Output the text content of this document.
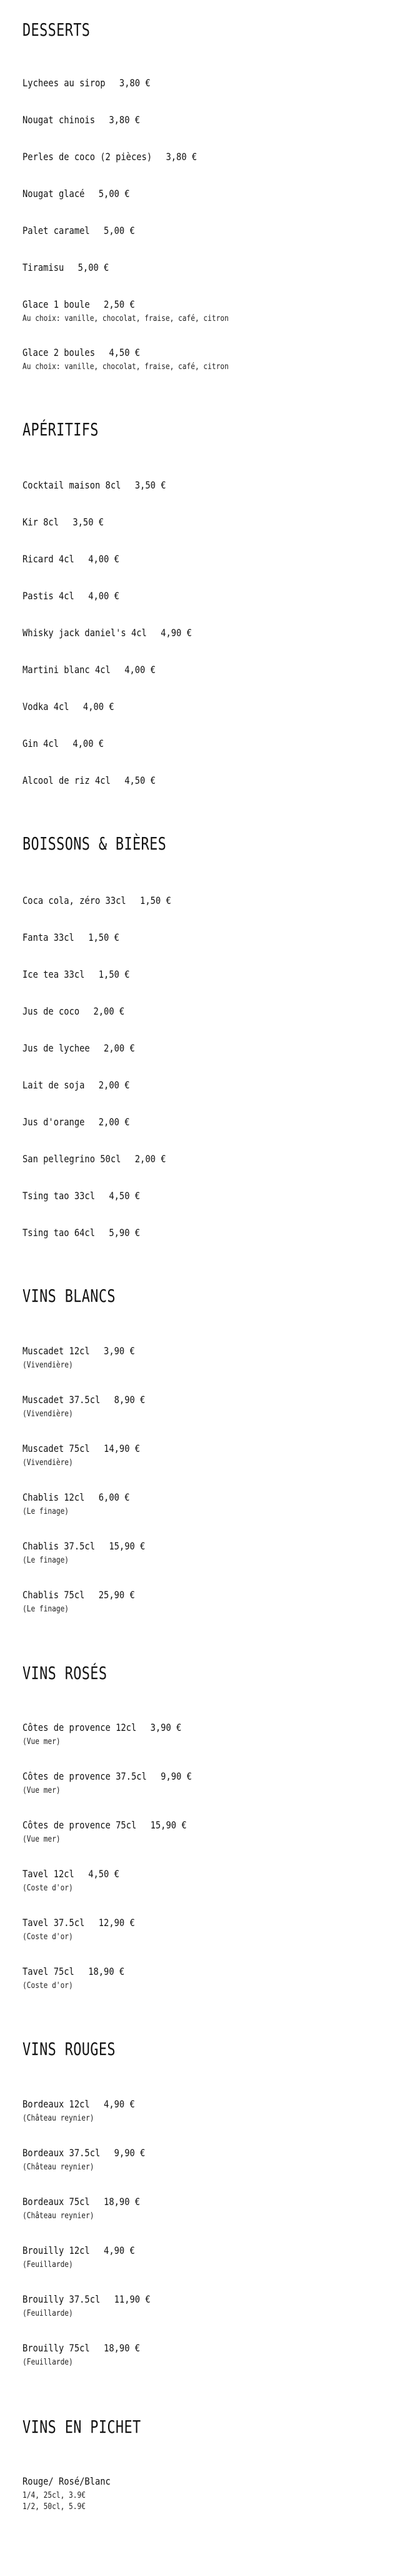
DESSERTS
Lychees au sirop 3,80 €
Nougat chinois 3,80 €
Perles de coco (2 pièces) 3,80 €
Nougat glacé 5,00 €
Palet caramel 5,00 €
Tiramisu 5,00 €
Glace 1 boule 2,50 €
Au choix: vanille, chocolat, fraise, café, citron
Glace 2 boules 4,50 €
Au choix: vanille, chocolat, fraise, café, citron
APÉRITIFS
Cocktail maison 8cl 3,50 €
Kir 8cl 3,50 €
Ricard 4cl 4,00 €
Pastis 4cl 4,00 €
Whisky jack daniel's 4cl 4,90 €
Martini blanc 4cl 4,00 €
Vodka 4cl 4,00 €
Gin 4cl 4,00 €
Alcool de riz 4cl 4,50 €
BOISSONS & BIÈRES
Coca cola, zéro 33cl 1,50 €
Fanta 33cl 1,50 €
Ice tea 33cl 1,50 €
Jus de coco 2,00 €
Jus de lychee 2,00 €
Lait de soja 2,00 €
Jus d'orange 2,00 €
San pellegrino 50cl 2,00 €
Tsing tao 33cl 4,50 €
Tsing tao 64cl 5,90 €
VINS BLANCS
Muscadet 12cl 3,90 €
(Vivendière)
Muscadet 37.5cl 8,90 €
(Vivendière)
Muscadet 75cl 14,90 €
(Vivendière)
Chablis 12cl 6,00 €
(Le finage)
Chablis 37.5cl 15,90 €
(Le finage)
Chablis 75cl 25,90 €
(Le finage)
VINS ROSÉS
Côtes de provence 12cl 3,90 €
(Vue mer)
Côtes de provence 37.5cl 9,90 €
(Vue mer)
Côtes de provence 75cl 15,90 €
(Vue mer)
Tavel 12cl 4,50 €
(Coste d'or)
Tavel 37.5cl 12,90 €
(Coste d'or)
Tavel 75cl 18,90 €
(Coste d'or)
VINS ROUGES
Bordeaux 12cl 4,90 €
(Château reynier)
Bordeaux 37.5cl 9,90 €
(Château reynier)
Bordeaux 75cl 18,90 €
(Château reynier)
Brouilly 12cl 4,90 €
(Feuillarde)
Brouilly 37.5cl 11,90 €
(Feuillarde)
Brouilly 75cl 18,90 €
(Feuillarde)
VINS EN PICHET
Rouge/ Rosé/Blanc
1/4, 25cl, 3.9€
1/2, 50cl, 5.9€
